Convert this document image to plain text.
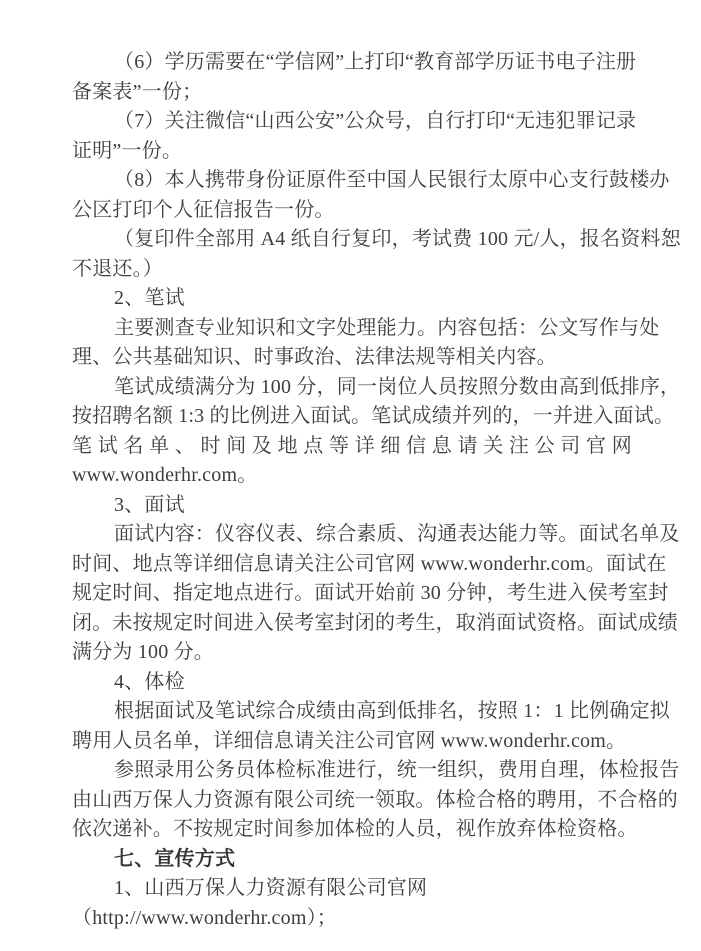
（6）学历需要在“学信网”上打印“教育部学历证书电子注册
备案表”一份；

（7）关注微信“山西公安”公众号，自行打印“无违犯罪记录
证明”一份。

（8）本人携带身份证原件至中国人民银行太原中心支行鼓楼办
公区打印个人征信报告一份。

（复印件全部用 A4 纸自行复印，考试费 100 元/人，报名资料恕
不退还。）

2、笔试

主要测查专业知识和文字处理能力。内容包括：公文写作与处
理、公共基础知识、时事政治、法律法规等相关内容。

笔试成绩满分为 100 分，同一岗位人员按照分数由高到低排序，
按招聘名额 1:3 的比例进入面试。笔试成绩并列的，一并进入面试。
笔试名单、时间及地点等详细信息请关注公司官网
www.wonderhr.com。

3、面试

面试内容：仪容仪表、综合素质、沟通表达能力等。面试名单及
时间、地点等详细信息请关注公司官网 www.wonderhr.com。面试在
规定时间、指定地点进行。面试开始前 30 分钟，考生进入侯考室封
闭。未按规定时间进入侯考室封闭的考生，取消面试资格。面试成绩
满分为 100 分。

4、体检

根据面试及笔试综合成绩由高到低排名，按照 1：1 比例确定拟
聘用人员名单，详细信息请关注公司官网 www.wonderhr.com。

参照录用公务员体检标准进行，统一组织，费用自理，体检报告
由山西万保人力资源有限公司统一领取。体检合格的聘用，不合格的
依次递补。不按规定时间参加体检的人员，视作放弃体检资格。

七、宣传方式

1、山西万保人力资源有限公司官网
（http://www.wonderhr.com）；
